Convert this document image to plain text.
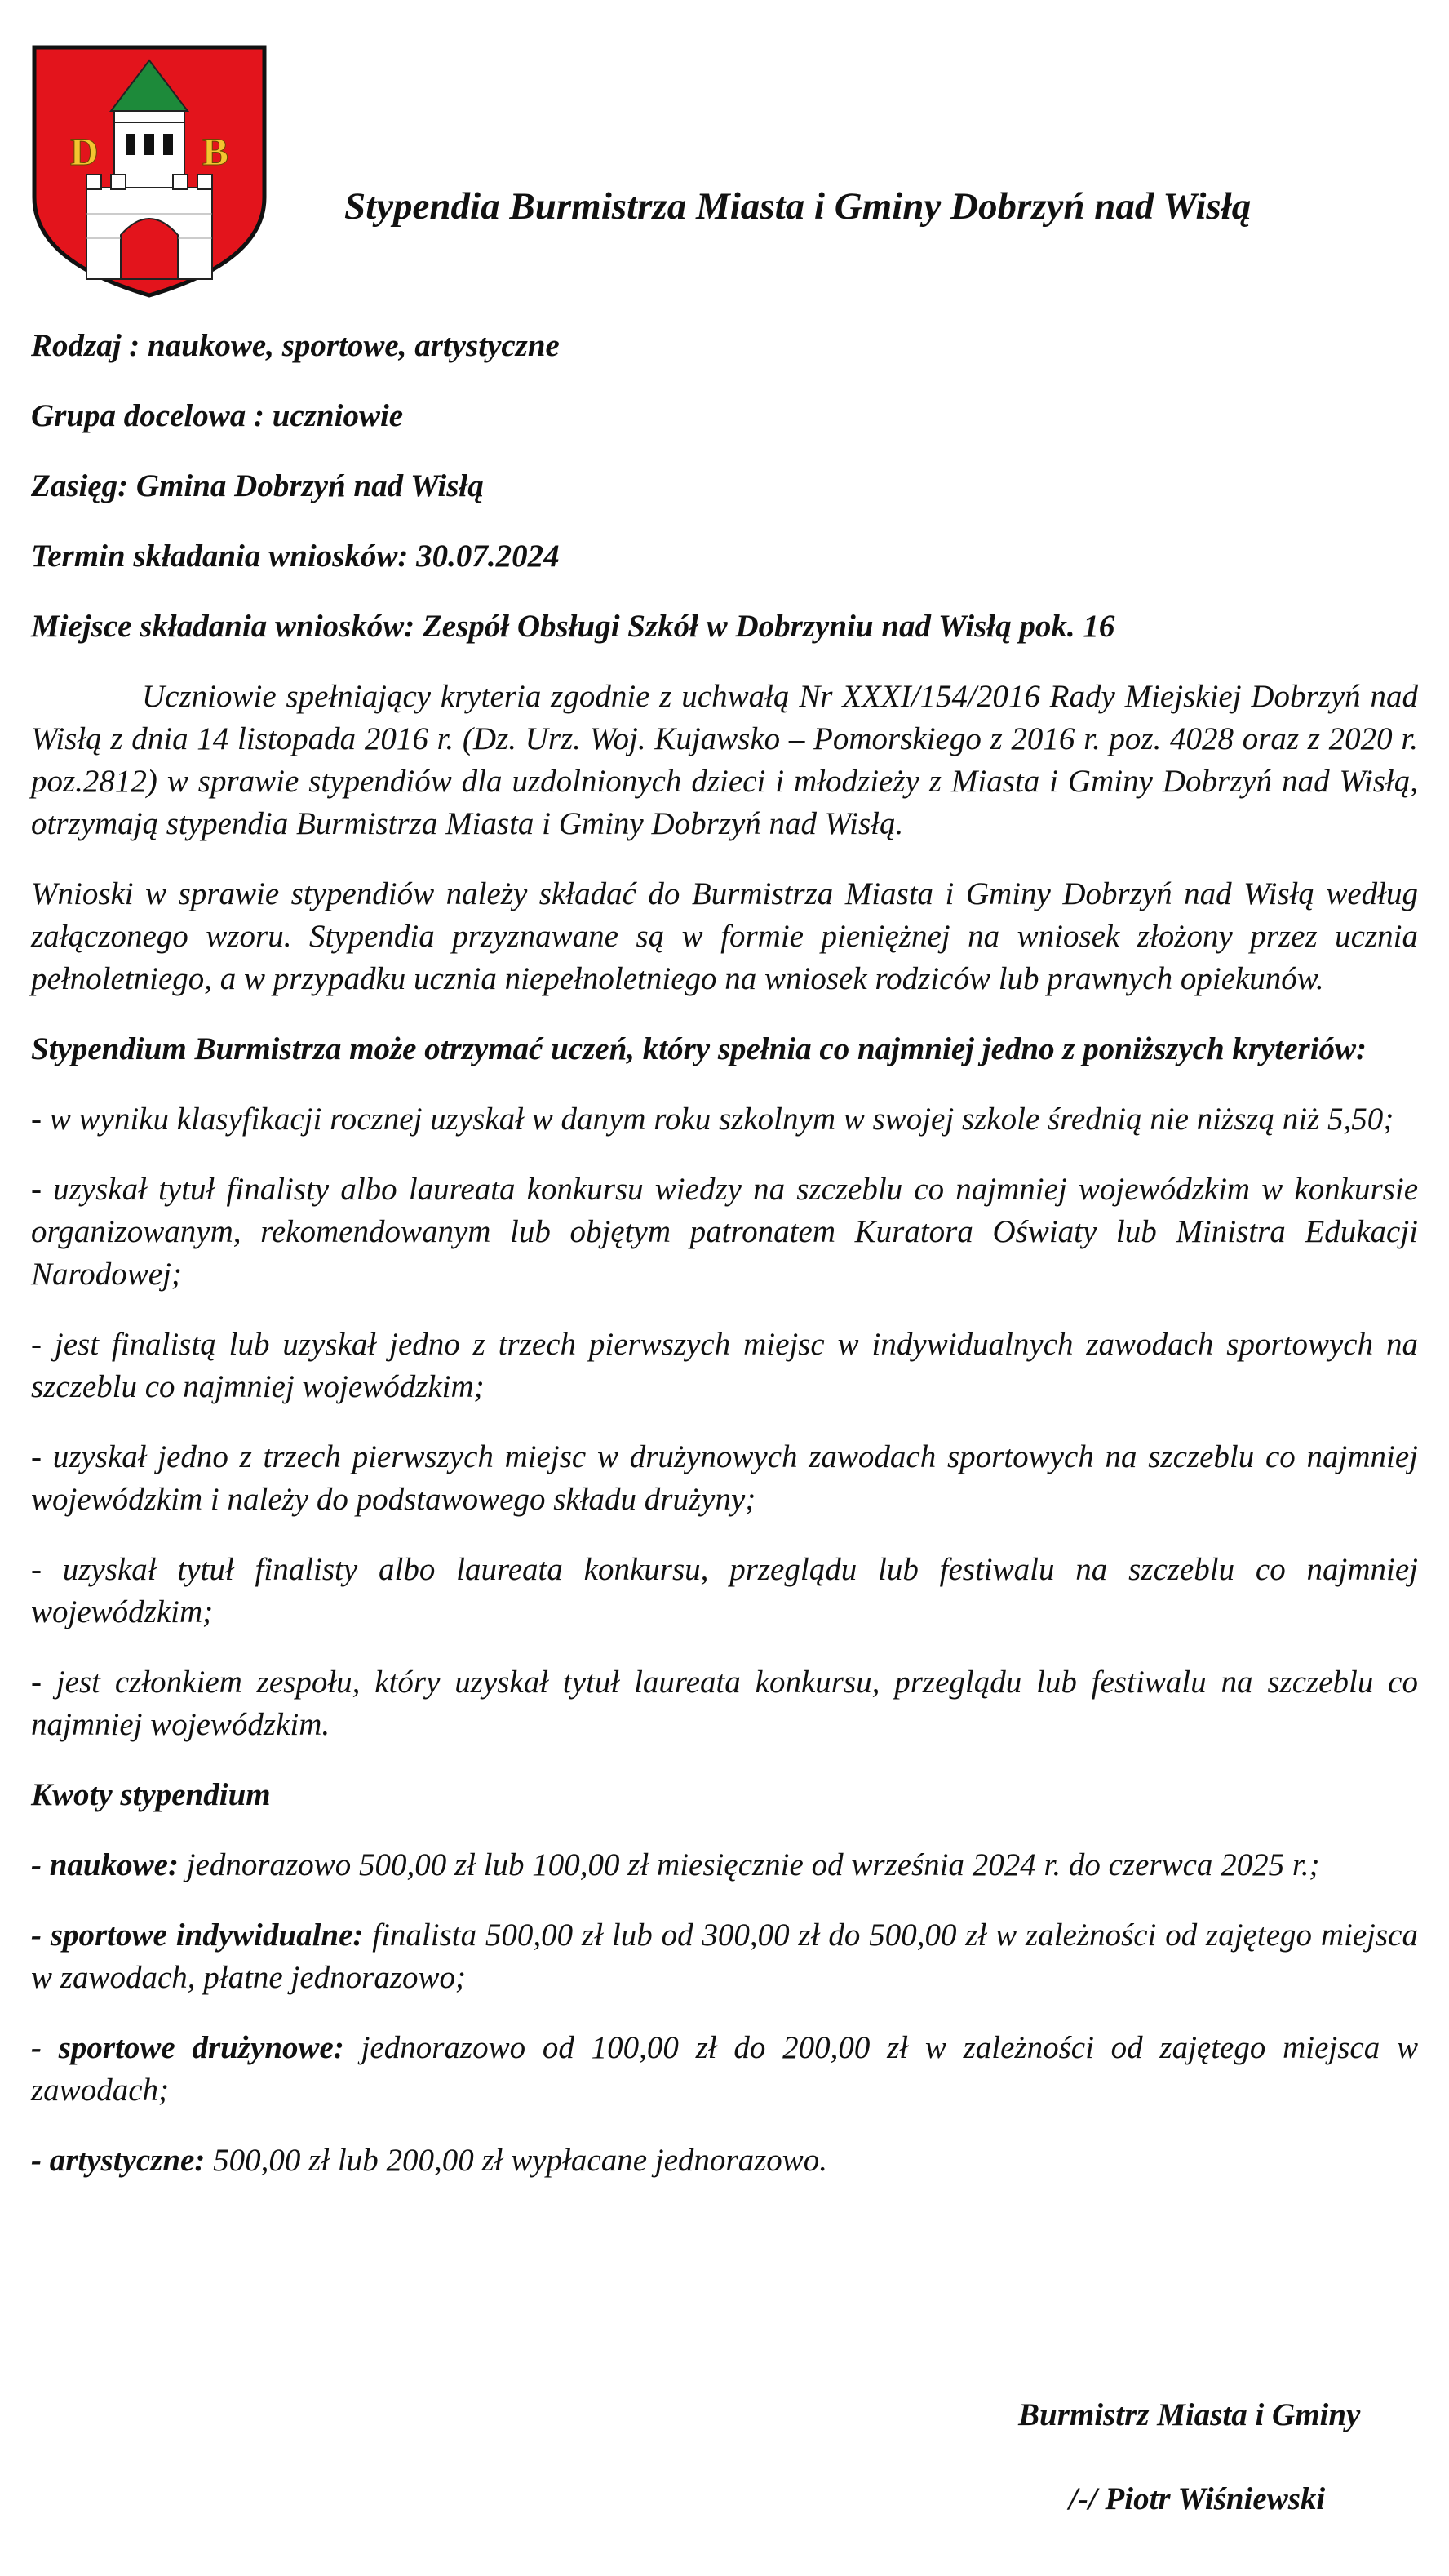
D	B
Stypendia Burmistrza Miasta i Gminy Dobrzyń nad Wisłą

Rodzaj : naukowe, sportowe, artystyczne

Grupa docelowa : uczniowie

Zasięg: Gmina Dobrzyń nad Wisłą

Termin składania wniosków: 30.07.2024

Miejsce składania wniosków: Zespół Obsługi Szkół w Dobrzyniu nad Wisłą pok. 16

Uczniowie spełniający kryteria zgodnie z uchwałą Nr XXXI/154/2016 Rady Miejskiej Dobrzyń nad Wisłą z dnia 14 listopada 2016 r. (Dz. Urz. Woj. Kujawsko – Pomorskiego z 2016 r. poz. 4028 oraz z 2020 r. poz.2812) w sprawie stypendiów dla uzdolnionych dzieci i młodzieży z Miasta i Gminy Dobrzyń nad Wisłą, otrzymają stypendia Burmistrza Miasta i Gminy Dobrzyń nad Wisłą.

Wnioski w sprawie stypendiów należy składać do Burmistrza Miasta i Gminy Dobrzyń nad Wisłą według załączonego wzoru. Stypendia przyznawane są w formie pieniężnej na wniosek złożony przez ucznia pełnoletniego, a w przypadku ucznia niepełnoletniego na wniosek rodziców lub prawnych opiekunów.

Stypendium Burmistrza może otrzymać uczeń, który spełnia co najmniej jedno z poniższych kryteriów:

- w wyniku klasyfikacji rocznej uzyskał w danym roku szkolnym w swojej szkole średnią nie niższą niż 5,50;

- uzyskał tytuł finalisty albo laureata konkursu wiedzy na szczeblu co najmniej wojewódzkim w konkursie organizowanym, rekomendowanym lub objętym patronatem Kuratora Oświaty lub Ministra Edukacji Narodowej;

- jest finalistą lub uzyskał jedno z trzech pierwszych miejsc w indywidualnych zawodach sportowych na szczeblu co najmniej wojewódzkim;

- uzyskał jedno z trzech pierwszych miejsc w drużynowych zawodach sportowych na szczeblu co najmniej wojewódzkim i należy do podstawowego składu drużyny;

- uzyskał tytuł finalisty albo laureata konkursu, przeglądu lub festiwalu na szczeblu co najmniej wojewódzkim;

- jest członkiem zespołu, który uzyskał tytuł laureata konkursu, przeglądu lub festiwalu na szczeblu co najmniej wojewódzkim.

Kwoty stypendium

- naukowe: jednorazowo 500,00 zł lub 100,00 zł miesięcznie od września 2024 r. do czerwca 2025 r.;

- sportowe indywidualne: finalista 500,00 zł lub od 300,00 zł do 500,00 zł w zależności od zajętego miejsca w zawodach, płatne jednorazowo;

- sportowe drużynowe: jednorazowo od 100,00 zł do 200,00 zł w zależności od zajętego miejsca w zawodach;

- artystyczne: 500,00 zł lub 200,00 zł wypłacane jednorazowo.

Burmistrz Miasta i Gminy

/-/ Piotr Wiśniewski
